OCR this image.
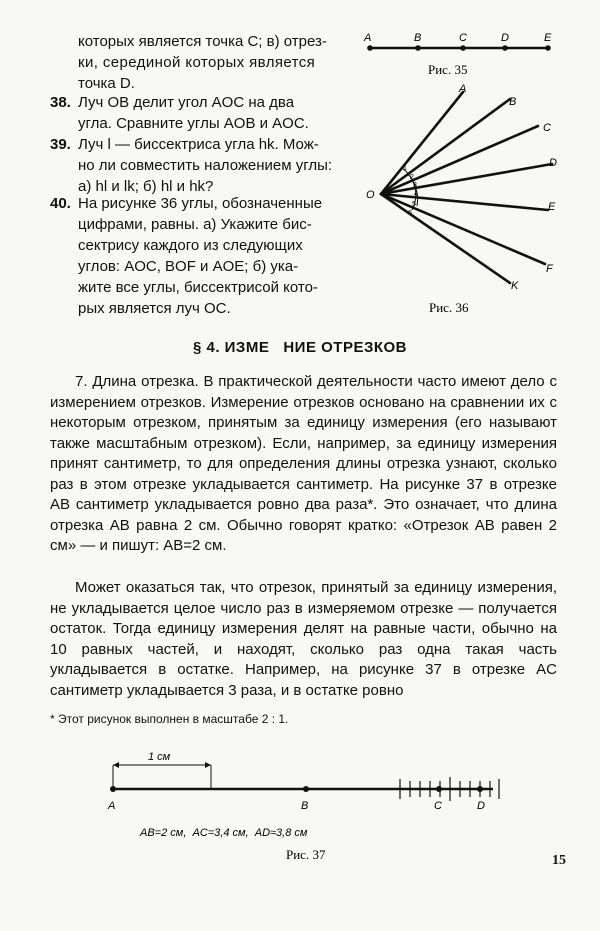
которых является точка C; в) отрез-
ки, серединой которых является
точка D.
38. Луч OB делит угол AOC на два
угла. Сравните углы AOB и AOC.
39. Луч l — биссектриса угла hk. Мож-
но ли совместить наложением углы:
а) hl и lk; б) hl и hk?
40. На рисунке 36 углы, обозначенные
цифрами, равны. а) Укажите бис-
сектрису каждого из следующих
углов: AOC, BOF и AOE; б) ука-
жите все углы, биссектрисой кото-
рых является луч OC.
A	B	C	D	E
Рис. 35
O
A
B
C
D
E
F
K
1
2
3
4
5
6
Рис. 36
§ 4. ИЗМЕ   НИЕ ОТРЕЗКОВ
7. Длина отрезка. В практической деятельности часто имеют дело с измерением отрезков. Измерение отрезков основано на сравнении их с некоторым отрезком, принятым за единицу измерения (его называют также масштабным отрезком). Если, например, за единицу измерения принят сантиметр, то для определения длины отрезка узнают, сколько раз в этом отрезке укладывается сантиметр. На рисунке 37 в отрезке AB сантиметр укладывается ровно два раза*. Это означает, что длина отрезка AB равна 2 см. Обычно говорят кратко: «Отрезок AB равен 2 см» — и пишут: AB=2 см.
Может оказаться так, что отрезок, принятый за единицу измерения, не укладывается целое число раз в измеряемом отрезке — получается остаток. Тогда единицу измерения делят на равные части, обычно на 10 равных частей, и находят, сколько раз одна такая часть укладывается в остатке. Например, на рисунке 37 в отрезке AC сантиметр укладывается 3 раза, и в остатке ровно
* Этот рисунок выполнен в масштабе 2 : 1.
1 см
A	B	C	D
AB=2 см,  AC=3,4 см,  AD≈3,8 см
Рис. 37	15
